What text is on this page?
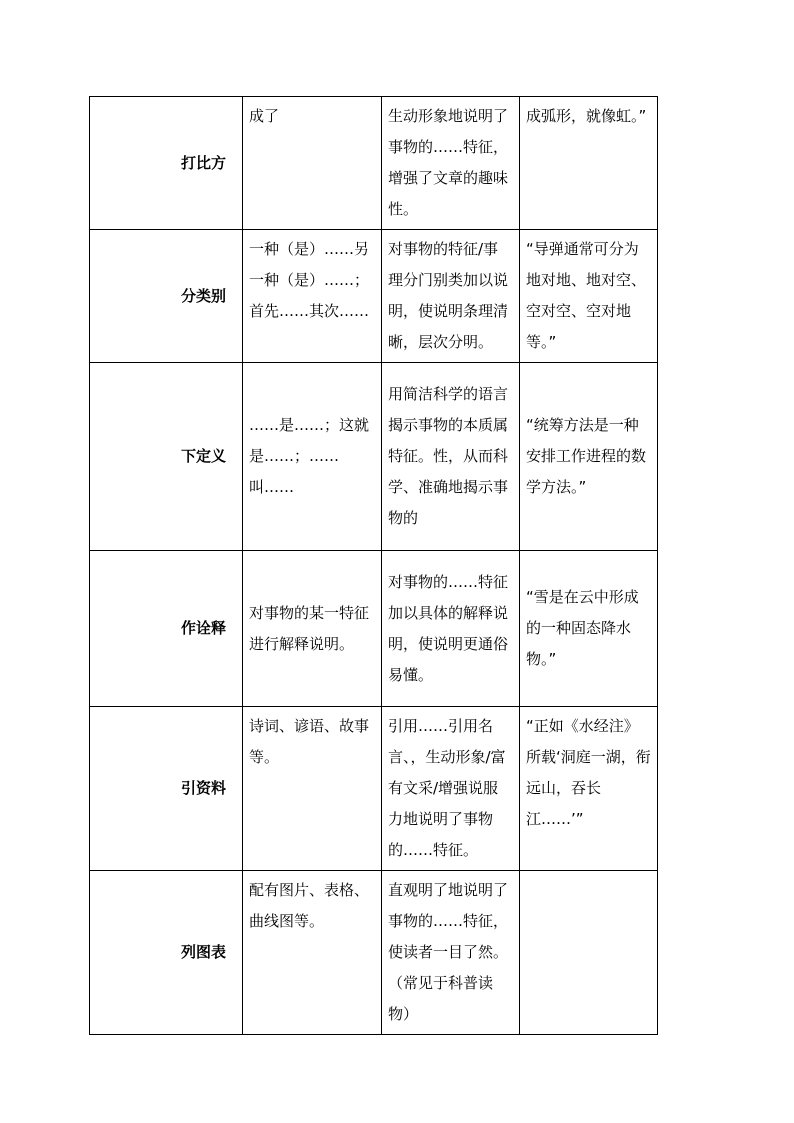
打比方	成了	生动形象地说明了事物的……特征，增强了文章的趣味性。	成弧形，就像虹。”
分类别	一种（是）……另一种（是）……；首先……其次……	对事物的特征/事理分门别类加以说明，使说明条理清晰，层次分明。	“导弹通常可分为地对地、地对空、空对空、空对地等。”
下定义	……是……；这就是……；……叫……	用简洁科学的语言揭示事物的本质属特征。性，从而科学、准确地揭示事物的	“统筹方法是一种安排工作进程的数学方法。”
作诠释	对事物的某一特征进行解释说明。	对事物的……特征加以具体的解释说明，使说明更通俗易懂。	“雪是在云中形成的一种固态降水物。”
引资料	诗词、谚语、故事等。	引用……引用名言、，生动形象/富有文采/增强说服力地说明了事物的……特征。	“正如《水经注》所载‘洞庭一湖，衔远山，吞长江……’”
列图表	配有图片、表格、曲线图等。	直观明了地说明了事物的……特征，使读者一目了然。（常见于科普读物）	
